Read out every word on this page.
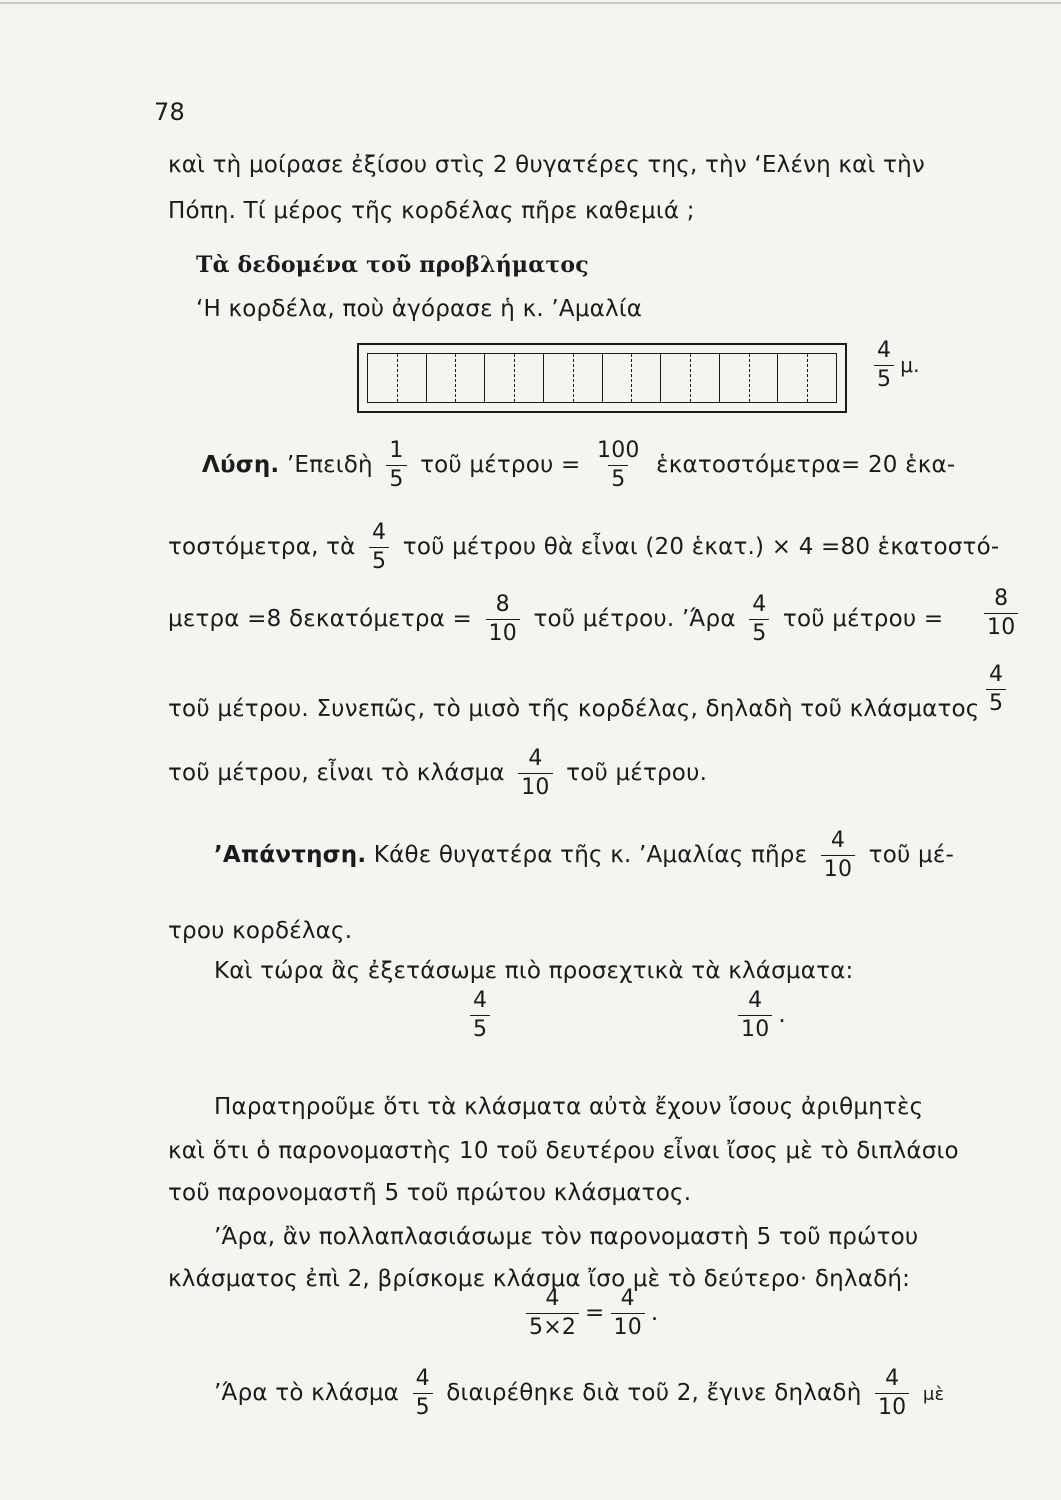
78
καὶ τὴ μοίρασε ἐξίσου στὶς 2 θυγατέρες της, τὴν ‘Ελένη καὶ τὴν
Πόπη. Τί μέρος τῆς κορδέλας πῆρε καθεμιά ;
Τὰ δεδομένα τοῦ προβλήματος
‘Η κορδέλα, ποὺ ἀγόρασε ἡ κ. ’Αμαλία
$\frac{4}{5} \mu$.
Λύση. ’Επειδὴ $\frac{1}{5}$ τοῦ $\mu έ\tau\rho o\upsilon = \frac{100}{5}$ ἑκατοστόμετρα= 20 ἑκα-
τοστόμετρα, τὰ $\frac{4}{5}$ τοῦ μέτρου θὰ εἶναι (20 ἑκατ.) × 4 =80 ἑκατοστό-
μετρα =8 $\delta\varepsilon\kappa\alpha\tau ό\mu\varepsilon\tau\rho\alpha = \frac{8}{10}$ τοῦ μέτρου. ’Άρα $\frac{4}{5}$ τοῦ $\mu έ\tau\rho o\upsilon = \frac{8}{10}$
τοῦ μέτρου. Συνεπῶς, τὸ μισὸ τῆς κορδέλας, δηλαδὴ τοῦ κλάσματος $\frac{4}{5}$
τοῦ μέτρου, εἶναι τὸ κλάσμα $\frac{4}{10}$ τοῦ μέτρου.
’Απάντηση. Κάθε θυγατέρα τῆς κ. ’Αμαλίας πῆρε $\frac{4}{10}$ τοῦ μέ-
τρου κορδέλας.
Καὶ τώρα ἂς ἐξετάσωμε πιὸ προσεχτικὰ τὰ κλάσματα:
$\frac{4}{5}$	$\frac{4}{10}$ .
Παρατηροῦμε ὅτι τὰ κλάσματα αὐτὰ ἔχουν ἴσους ἀριθμητὲς
καὶ ὅτι ὁ παρονομαστὴς 10 τοῦ δευτέρου εἶναι ἴσος μὲ τὸ διπλάσιο
τοῦ παρονομαστῆ 5 τοῦ πρώτου κλάσματος.
’Άρα, ἂν πολλαπλασιάσωμε τὸν παρονομαστὴ 5 τοῦ πρώτου
κλάσματος ἐπὶ 2, βρίσκομε κλάσμα ἴσο μὲ τὸ δεύτερο· δηλαδή:
$\frac{4}{5\times 2} = \frac{4}{10}$ .
’Άρα τὸ κλάσμα $\frac{4}{5}$ διαιρέθηκε διὰ τοῦ 2, ἔγινε δηλαδὴ $\frac{4}{10}$ μὲ
